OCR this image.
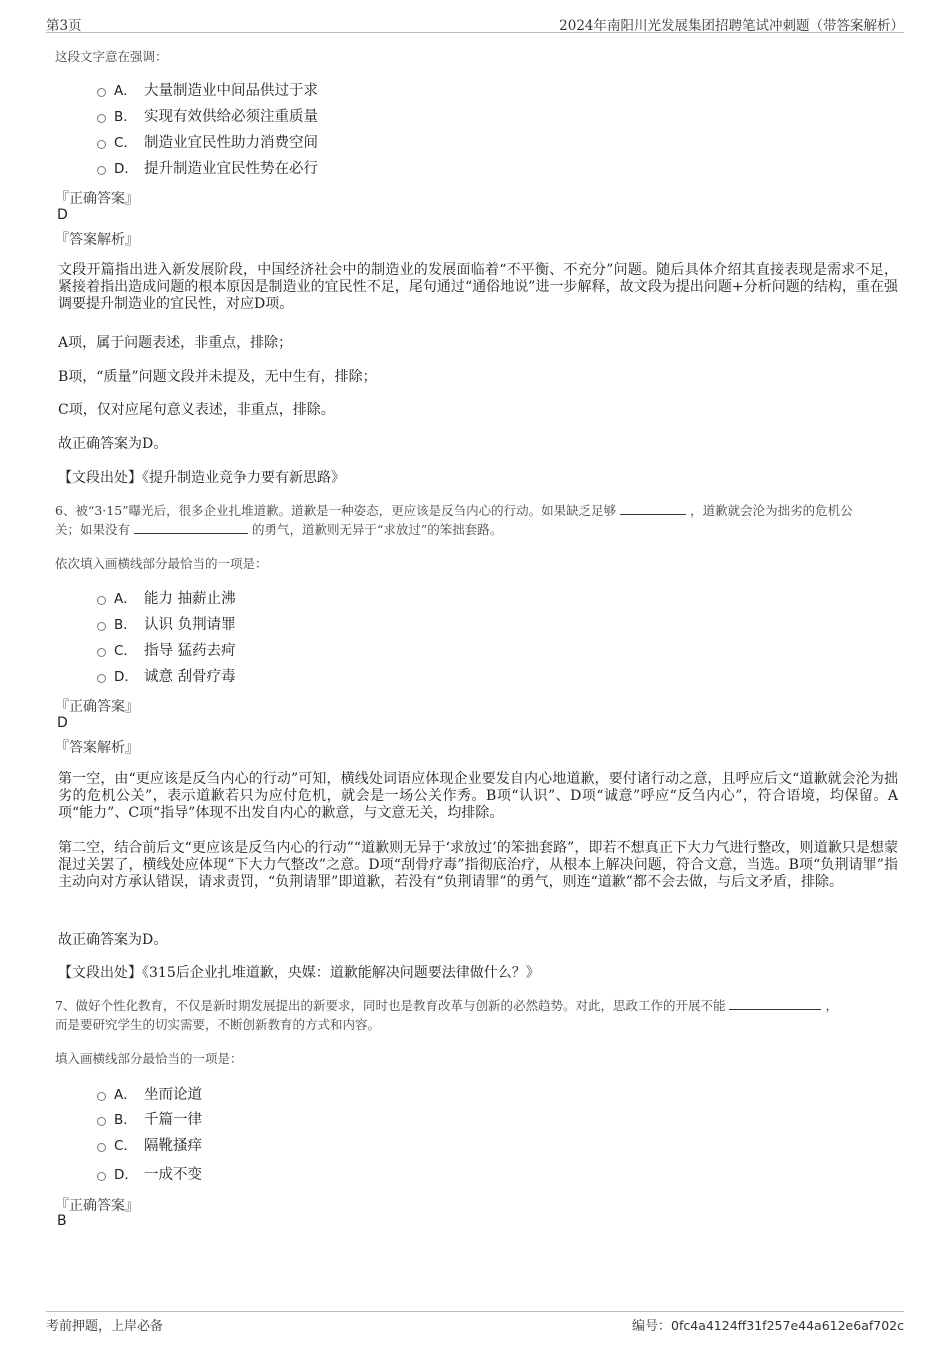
第3页	2024年南阳川光发展集团招聘笔试冲刺题（带答案解析）
这段文字意在强调：
A． 大量制造业中间品供过于求
B． 实现有效供给必须注重质量
C． 制造业宜民性助力消费空间
D． 提升制造业宜民性势在必行
『正确答案』
D
『答案解析』
文段开篇指出进入新发展阶段，中国经济社会中的制造业的发展面临着“不平衡、不充分”问题。随后具体介绍其直接表现是需求不足，紧接着指出造成问题的根本原因是制造业的宜民性不足，尾句通过“通俗地说”进一步解释，故文段为提出问题+分析问题的结构，重在强调要提升制造业的宜民性，对应D项。
A项，属于问题表述，非重点，排除；
B项，“质量”问题文段并未提及，无中生有，排除；
C项，仅对应尾句意义表述，非重点，排除。
故正确答案为D。
【文段出处】《提升制造业竞争力要有新思路》
6、被“3·15”曝光后，很多企业扎堆道歉。道歉是一种姿态，更应该是反刍内心的行动。如果缺乏足够	，道歉就会沦为拙劣的危机公
关；如果没有	的勇气，道歉则无异于“求放过”的笨拙套路。
依次填入画横线部分最恰当的一项是：
A． 能力 抽薪止沸
B． 认识 负荆请罪
C． 指导 猛药去疴
D． 诚意 刮骨疗毒
『正确答案』
D
『答案解析』
第一空，由“更应该是反刍内心的行动”可知，横线处词语应体现企业要发自内心地道歉，要付诸行动之意，且呼应后文“道歉就会沦为拙劣的危机公关”，表示道歉若只为应付危机，就会是一场公关作秀。B项“认识”、D项“诚意”呼应“反刍内心”，符合语境，均保留。A项“能力”、C项“指导”体现不出发自内心的歉意，与文意无关，均排除。
第二空，结合前后文“更应该是反刍内心的行动”“道歉则无异于‘求放过’的笨拙套路”，即若不想真正下大力气进行整改，则道歉只是想蒙混过关罢了，横线处应体现“下大力气整改”之意。D项“刮骨疗毒”指彻底治疗，从根本上解决问题，符合文意，当选。B项“负荆请罪”指主动向对方承认错误，请求责罚，“负荆请罪”即道歉，若没有“负荆请罪”的勇气，则连“道歉”都不会去做，与后文矛盾，排除。
故正确答案为D。
【文段出处】《315后企业扎堆道歉，央媒：道歉能解决问题要法律做什么？》
7、做好个性化教育，不仅是新时期发展提出的新要求，同时也是教育改革与创新的必然趋势。对此，思政工作的开展不能	，
而是要研究学生的切实需要，不断创新教育的方式和内容。
填入画横线部分最恰当的一项是：
A． 坐而论道
B． 千篇一律
C． 隔靴搔痒
D． 一成不变
『正确答案』
B
考前押题，上岸必备	编号：0fc4a4124ff31f257e44a612e6af702c
